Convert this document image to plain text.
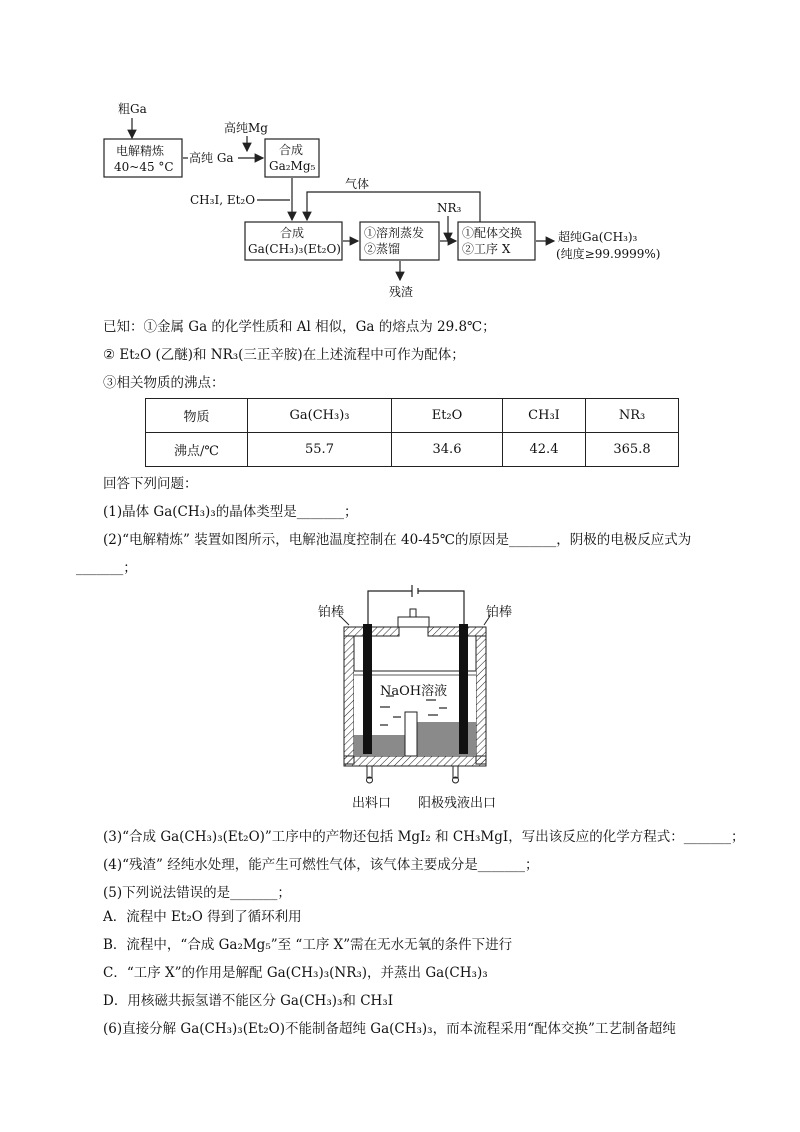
粗Ga
电解精炼
40~45 °C
高纯 Ga
高纯Mg
合成
Ga₂Mg₅
气体
CH₃I, Et₂O
合成
Ga(CH₃)₃(Et₂O)
①溶剂蒸发
②蒸馏
NR₃
①配体交换
②工序 X
超纯Ga(CH₃)₃
(纯度≥99.9999%)
残渣
已知：①金属 Ga 的化学性质和 Al 相似，Ga 的熔点为 29.8℃；
② Et₂O (乙醚)和 NR₃(三正辛胺)在上述流程中可作为配体；
③相关物质的沸点：
物质	Ga(CH₃)₃	Et₂O	CH₃I	NR₃
沸点/℃	55.7	34.6	42.4	365.8
回答下列问题：
(1)晶体 Ga(CH₃)₃的晶体类型是_______；
(2)“电解精炼” 装置如图所示，电解池温度控制在 40-45℃的原因是_______，阴极的电极反应式为
_______；
铂棒	铂棒
NaOH溶液
出料口 阳极残液出口
(3)“合成 Ga(CH₃)₃(Et₂O)”工序中的产物还包括 MgI₂ 和 CH₃MgI，写出该反应的化学方程式：_______；
(4)“残渣” 经纯水处理，能产生可燃性气体，该气体主要成分是_______；
(5)下列说法错误的是_______；
A．流程中 Et₂O 得到了循环利用
B．流程中，“合成 Ga₂Mg₅”至 “工序 X”需在无水无氧的条件下进行
C．“工序 X”的作用是解配 Ga(CH₃)₃(NR₃)，并蒸出 Ga(CH₃)₃
D．用核磁共振氢谱不能区分 Ga(CH₃)₃和 CH₃I
(6)直接分解 Ga(CH₃)₃(Et₂O)不能制备超纯 Ga(CH₃)₃，而本流程采用“配体交换”工艺制备超纯
